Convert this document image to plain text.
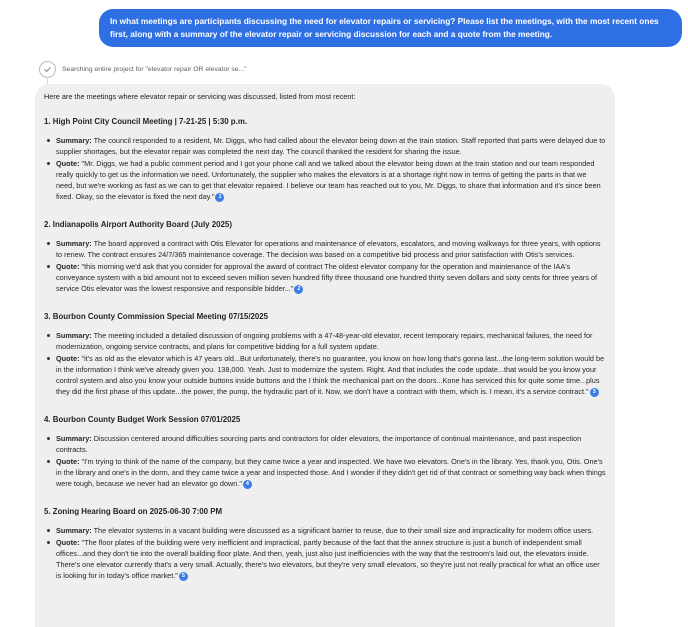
In what meetings are participants discussing the need for elevator repairs or servicing? Please list the meetings, with the most recent ones first, along with a summary of the elevator repair or servicing discussion for each and a quote from the meeting.
Searching entire project for "elevator repair OR elevator se..."

Here are the meetings where elevator repair or servicing was discussed, listed from most recent:

1. High Point City Council Meeting | 7-21-25 | 5:30 p.m.
Summary: The council responded to a resident, Mr. Diggs, who had called about the elevator being down at the train station. Staff reported that parts were delayed due to supplier shortages, but the elevator repair was completed the next day. The council thanked the resident for sharing the issue.
Quote: "Mr. Diggs, we had a public comment period and I got your phone call and we talked about the elevator being down at the train station and our team responded really quickly to get us the information we need. Unfortunately, the supplier who makes the elevators is at a shortage right now in terms of getting the parts in that we need, but we're working as fast as we can to get that elevator repaired. I believe our team has reached out to you, Mr. Diggs, to share that information and it's since been fixed. Okay, so the elevator is fixed the next day." 1
2. Indianapolis Airport Authority Board (July 2025)
Summary: The board approved a contract with Otis Elevator for operations and maintenance of elevators, escalators, and moving walkways for three years, with options to renew. The contract ensures 24/7/365 maintenance coverage. The decision was based on a competitive bid process and prior satisfaction with Otis's services.
Quote: "this morning we'd ask that you consider for approval the award of contract The oldest elevator company for the operation and maintenance of the IAA's conveyance system with a bid amount not to exceed seven million seven hundred fifty three thousand one hundred thirty seven dollars and sixty cents for three years of service Otis elevator was the lowest responsive and responsible bidder..." 2
3. Bourbon County Commission Special Meeting 07/15/2025
Summary: The meeting included a detailed discussion of ongoing problems with a 47-48-year-old elevator, recent temporary repairs, mechanical failures, the need for modernization, ongoing service contracts, and plans for competitive bidding for a full system update.
Quote: "it's as old as the elevator which is 47 years old...But unfortunately, there's no guarantee, you know on how long that's gonna last...the long-term solution would be in the information I think we've already given you. 138,000. Yeah. Just to modernize the system. Right. And that includes the code update...that would be you know your control system and also you know your outside buttons inside buttons and the I think the mechanical part on the doors...Kone has serviced this for quite some time...plus they did the first phase of this update...the power, the pump, the hydraulic part of it. Now, we don't have a contract with them, which is. I mean, it's a service contract." 3
4. Bourbon County Budget Work Session 07/01/2025
Summary: Discussion centered around difficulties sourcing parts and contractors for older elevators, the importance of continual maintenance, and past inspection contracts.
Quote: "I'm trying to think of the name of the company, but they came twice a year and inspected. We have two elevators. One's in the library. Yes, thank you, Otis. One's in the library and one's in the dorm, and they came twice a year and inspected those. And I wonder if they didn't get rid of that contract or something way back when things were tough, because we never had an elevator go down." 4
5. Zoning Hearing Board on 2025-06-30 7:00 PM
Summary: The elevator systems in a vacant building were discussed as a significant barrier to reuse, due to their small size and impracticality for modern office users.
Quote: "The floor plates of the building were very inefficient and impractical, partly because of the fact that the annex structure is just a bunch of independent small offices...and they don't tie into the overall building floor plate. And then, yeah, just also just inefficiencies with the way that the restroom's laid out, the elevators inside. There's one elevator currently that's a very small. Actually, there's two elevators, but they're very small elevators, so they're just not really practical for what an office user is looking for in today's office market." 5
